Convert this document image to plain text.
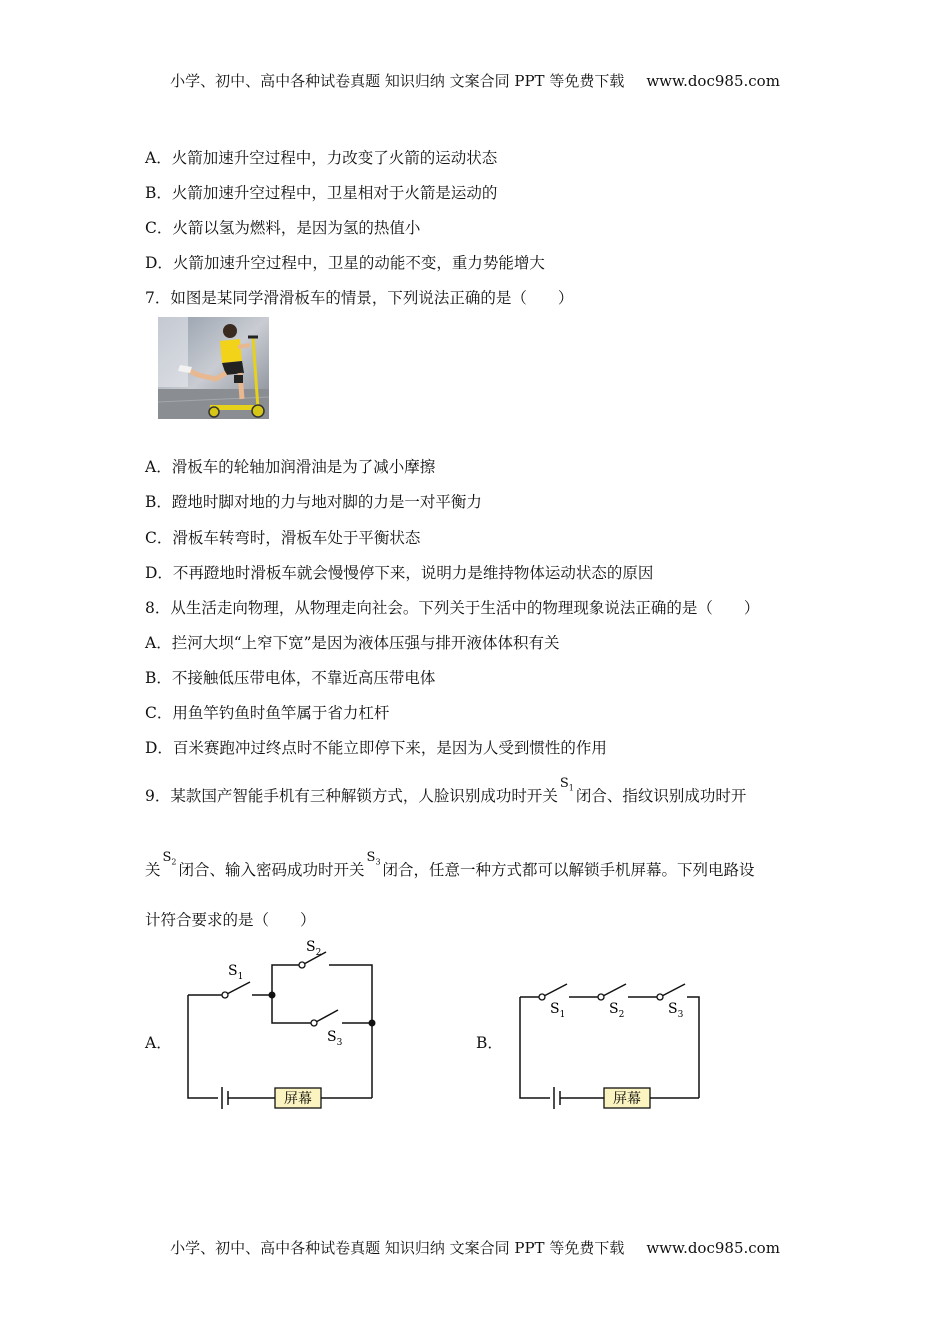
小学、初中、高中各种试卷真题 知识归纳 文案合同 PPT 等免费下载 www.doc985.com
A．火箭加速升空过程中，力改变了火箭的运动状态
B．火箭加速升空过程中，卫星相对于火箭是运动的
C．火箭以氢为燃料，是因为氢的热值小
D．火箭加速升空过程中，卫星的动能不变，重力势能增大
7．如图是某同学滑滑板车的情景，下列说法正确的是（　　）
A．滑板车的轮轴加润滑油是为了减小摩擦
B．蹬地时脚对地的力与地对脚的力是一对平衡力
C．滑板车转弯时，滑板车处于平衡状态
D．不再蹬地时滑板车就会慢慢停下来，说明力是维持物体运动状态的原因
8．从生活走向物理，从物理走向社会。下列关于生活中的物理现象说法正确的是（　　）
A．拦河大坝“上窄下宽”是因为液体压强与排开液体体积有关
B．不接触低压带电体，不靠近高压带电体
C．用鱼竿钓鱼时鱼竿属于省力杠杆
D．百米赛跑冲过终点时不能立即停下来，是因为人受到惯性的作用
9．某款国产智能手机有三种解锁方式，人脸识别成功时开关$S_1$ 闭合、指纹识别成功时开
关$S_2$ 闭合、输入密码成功时开关$S_3$ 闭合，任意一种方式都可以解锁手机屏幕。下列电路设
计符合要求的是（　　）
A．
屏幕
$S_1$
$S_2$
$S_3$	B．
屏幕
$S_1$	$S_2$	$S_3$
小学、初中、高中各种试卷真题 知识归纳 文案合同 PPT 等免费下载 www.doc985.com
